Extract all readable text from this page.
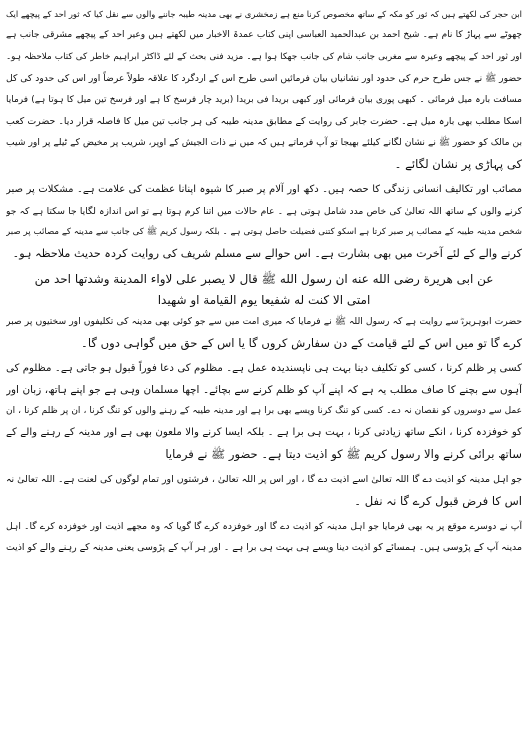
ابن حجر کی لکھتے ہیں کہ ثور کو مکہ کے ساتھ مخصوص کرنا منع ہے زمخشری نے بھی مدینہ طیبہ جاننے والوں سے نقل کیا کہ ثور احد کے پیچھے ایک
چھوٹے سے پہاڑ کا نام ہے۔ شیخ احمد بن عبدالحمید العباسی اپنی کتاب عمدۃ الاخبار میں لکھتے ہیں وعیر احد کے پیچھے مشرقی جانب ہے
اور ثور احد کے پیچھے وعیرہ سے مغربی جانب شام کی جانب جھکا ہوا ہے۔ مزید فنی بحث کے لئے ڈاکٹر ابراہیم خاطر کی کتاب ملاحظہ ہو۔
حضور ﷺ نے جس طرح حرم کی حدود اور نشانیاں بیان فرمائیں اسی طرح اس کے اردگرد کا علاقہ طولاً عرضاً اور اس کی حدود کی کل
مسافت بارہ میل فرمائی ۔ کبھی پوری بیان فرمائی اور کبھی بریدا فی بریدا (برید چار فرسخ کا ہے اور فرسخ تین میل کا ہوتا ہے) فرمایا
اسکا مطلب بھی بارہ میل ہے۔ حضرت جابر کی روایت کے مطابق مدینہ طیبہ کی ہر جانب تین میل کا فاصلہ قرار دیا۔ حضرت کعب
بن مالک کو حضور ﷺ نے نشان لگانے کیلئے بھیجا تو آپ فرماتے ہیں کہ میں نے ذات الجیش کے اوپر، شریب پر مخیض کے ٹیلے پر اور شیب
کی پہاڑی پر نشان لگائے ۔
مصائب اور تکالیف انسانی زندگی کا حصہ ہیں۔ دکھ اور آلام پر صبر کا شیوہ اپنانا عظمت کی علامت ہے۔ مشکلات پر صبر
کرنے والوں کے ساتھ اللہ تعالیٰ کی خاص مدد شامل ہوتی ہے ۔ عام حالات میں اتنا کرم ہوتا ہے تو اس اندازہ لگایا جا سکتا ہے کہ جو
شخص مدینہ طیبہ کے مصائب پر صبر کرتا ہے اسکو کتنی فضیلت حاصل ہوتی ہے ۔ بلکہ رسول کریم ﷺ کی جانب سے مدینہ کے مصائب پر صبر
کرنے والے کے لئے آخرت میں بھی بشارت ہے۔ اس حوالے سے مسلم شریف کی روایت کردہ حدیث ملاحظہ ہو۔
عن ابی هريرة رضى الله عنه ان رسول الله ﷺ قال لا يصبر على لاواء المدينة وشدتها احد من
امتی الا کنت له شفيعا يوم القيامة او شهيدا
حضرت ابوہریرہؓ سے روایت ہے کہ رسول اللہ ﷺ نے فرمایا کہ میری امت میں سے جو کوئی بھی مدینہ کی تکلیفوں اور سختیوں پر صبر
کرے گا تو میں اس کے لئے قیامت کے دن سفارش کروں گا یا اس کے حق میں گواہی دوں گا۔
کسی پر ظلم کرنا ، کسی کو تکلیف دینا بہت ہی ناپسندیدہ عمل ہے۔ مظلوم کی دعا فوراً قبول ہو جاتی ہے۔ مظلوم کی
آہوں سے بچنے کا صاف مطلب یہ ہے کہ اپنے آپ کو ظلم کرنے سے بچائے۔ اچھا مسلمان وہی ہے جو اپنے ہاتھ، زبان اور
عمل سے دوسروں کو نقصان نہ دے۔ کسی کو تنگ کرنا ویسے بھی برا ہے اور مدینہ طیبہ کے رہنے والوں کو تنگ کرنا ، ان پر ظلم کرنا ، ان
کو خوفزدہ کرنا ، انکے ساتھ زیادتی کرنا ، بہت ہی برا ہے ۔ بلکہ ایسا کرنے والا ملعون بھی ہے اور مدینہ کے رہنے والے کے
ساتھ برائی کرنے والا رسول کریم ﷺ کو اذیت دیتا ہے۔ حضور ﷺ نے فرمایا
جو اہل مدینہ کو اذیت دے گا اللہ تعالیٰ اسے اذیت دے گا ، اور اس پر اللہ تعالیٰ ، فرشتوں اور تمام لوگوں کی لعنت ہے۔ اللہ تعالیٰ نہ
اس کا فرض قبول کرے گا نہ نفل ۔
آپ نے دوسرے موقع پر یہ بھی فرمایا جو اہل مدینہ کو اذیت دے گا اور خوفزدہ کرے گا گویا کہ وہ مجھے اذیت اور خوفزدہ کرے گا۔ اہل
مدینہ آپ کے پڑوسی ہیں۔ ہمسائے کو اذیت دینا ویسے ہی بہت ہی برا ہے ۔ اور ہر آپ کے پڑوسی یعنی مدینہ کے رہنے والے کو اذیت
